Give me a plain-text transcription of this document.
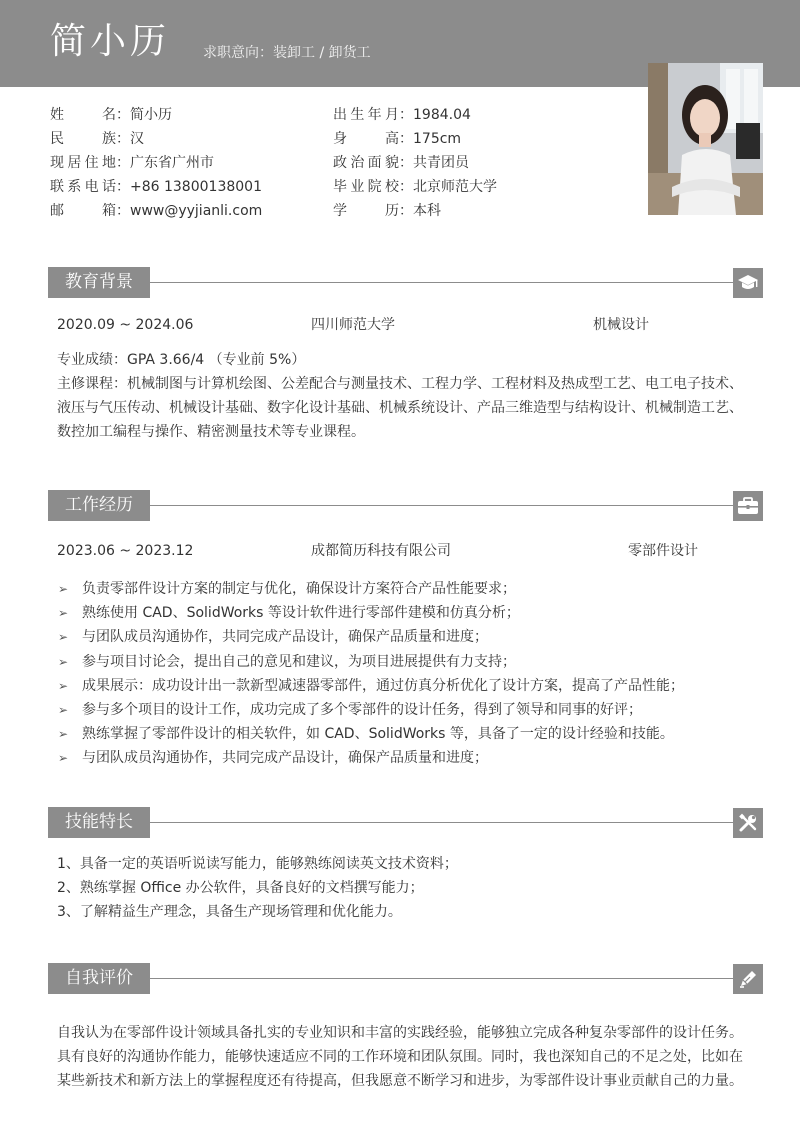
简小历 求职意向：装卸工 / 卸货工
姓名：简小历
民族：汉
现居住地：广东省广州市
联系电话：+86 13800138001
邮箱：www@yyjianli.com
出生年月：1984.04
身高：175cm
政治面貌：共青团员
毕业院校：北京师范大学
学历：本科
教育背景
2020.09 ~ 2024.06	四川师范大学	机械设计
专业成绩：GPA 3.66/4 （专业前 5%）
主修课程：机械制图与计算机绘图、公差配合与测量技术、工程力学、工程材料及热成型工艺、电工电子技术、
液压与气压传动、机械设计基础、数字化设计基础、机械系统设计、产品三维造型与结构设计、机械制造工艺、
数控加工编程与操作、精密测量技术等专业课程。
工作经历
2023.06 ~ 2023.12	成都简历科技有限公司	零部件设计
➢ 负责零部件设计方案的制定与优化，确保设计方案符合产品性能要求；
➢ 熟练使用 CAD、SolidWorks 等设计软件进行零部件建模和仿真分析；
➢ 与团队成员沟通协作，共同完成产品设计，确保产品质量和进度；
➢ 参与项目讨论会，提出自己的意见和建议，为项目进展提供有力支持；
➢ 成果展示：成功设计出一款新型减速器零部件，通过仿真分析优化了设计方案，提高了产品性能；
➢ 参与多个项目的设计工作，成功完成了多个零部件的设计任务，得到了领导和同事的好评；
➢ 熟练掌握了零部件设计的相关软件，如 CAD、SolidWorks 等，具备了一定的设计经验和技能。
➢ 与团队成员沟通协作，共同完成产品设计，确保产品质量和进度；
技能特长
1、具备一定的英语听说读写能力，能够熟练阅读英文技术资料；
2、熟练掌握 Office 办公软件，具备良好的文档撰写能力；
3、了解精益生产理念，具备生产现场管理和优化能力。
自我评价
自我认为在零部件设计领域具备扎实的专业知识和丰富的实践经验，能够独立完成各种复杂零部件的设计任务。
具有良好的沟通协作能力，能够快速适应不同的工作环境和团队氛围。同时，我也深知自己的不足之处，比如在
某些新技术和新方法上的掌握程度还有待提高，但我愿意不断学习和进步，为零部件设计事业贡献自己的力量。
